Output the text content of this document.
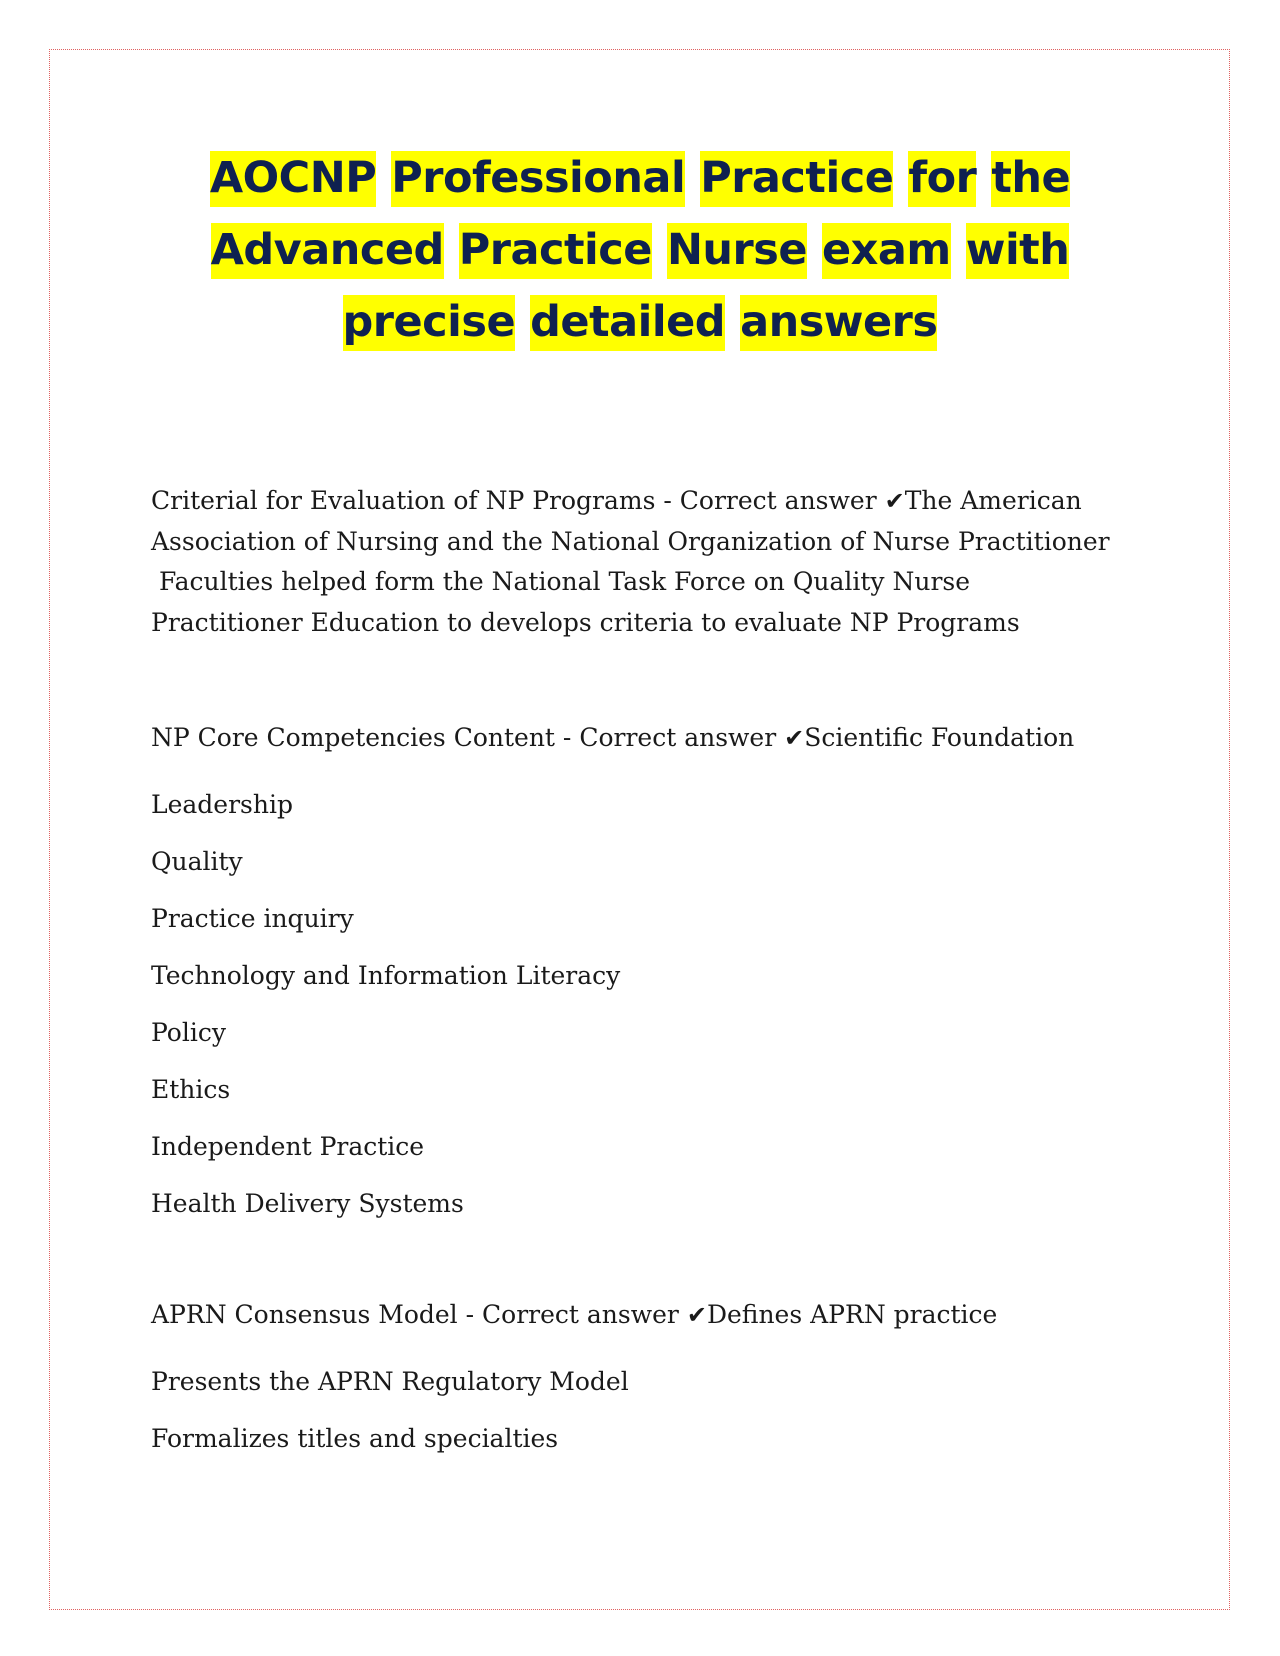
AOCNP Professional Practice for the
Advanced Practice Nurse exam with
precise detailed answers
Criterial for Evaluation of NP Programs - Correct answer ✔The American
Association of Nursing and the National Organization of Nurse Practitioner
Faculties helped form the National Task Force on Quality Nurse
Practitioner Education to develops criteria to evaluate NP Programs
NP Core Competencies Content - Correct answer ✔Scientific Foundation
Leadership
Quality
Practice inquiry
Technology and Information Literacy
Policy
Ethics
Independent Practice
Health Delivery Systems
APRN Consensus Model - Correct answer ✔Defines APRN practice
Presents the APRN Regulatory Model
Formalizes titles and specialties
